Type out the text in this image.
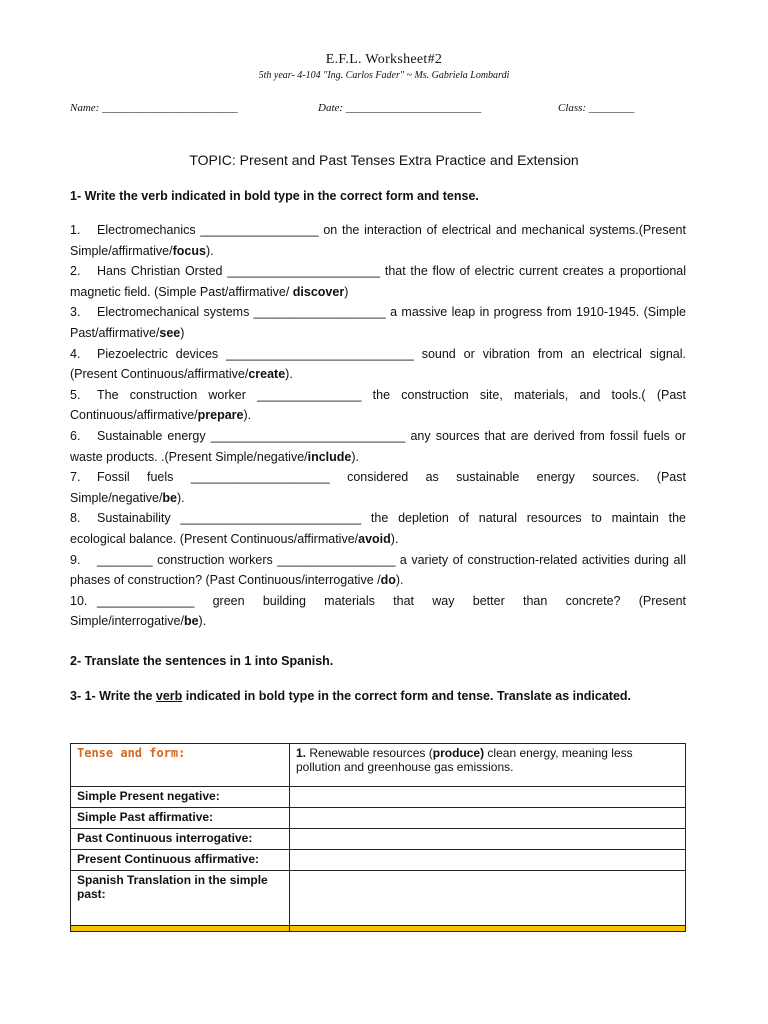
E.F.L. Worksheet#2
5th year- 4-104 "Ing. Carlos Fader" ~ Ms. Gabriela Lombardi
Name: ___________________________	Date: ___________________________	Class: _________
TOPIC: Present and Past Tenses Extra Practice and Extension
1- Write the verb indicated in bold type in the correct form and tense.

1. Electromechanics _________________ on the interaction of electrical and mechanical systems.(Present Simple/affirmative/focus).

2. Hans Christian Orsted ______________________ that the flow of electric current creates a proportional magnetic field. (Simple Past/affirmative/ discover)

3. Electromechanical systems ___________________ a massive leap in progress from 1910-1945. (Simple Past/affirmative/see)

4. Piezoelectric devices ___________________________ sound or vibration from an electrical signal. (Present Continuous/affirmative/create).

5. The construction worker _______________ the construction site, materials, and tools.( (Past Continuous/affirmative/prepare).

6. Sustainable energy ____________________________ any sources that are derived from fossil fuels or waste products. .(Present Simple/negative/include).

7. Fossil fuels ____________________ considered as sustainable energy sources. (Past Simple/negative/be).

8. Sustainability __________________________ the depletion of natural resources to maintain the ecological balance. (Present Continuous/affirmative/avoid).

9. ________ construction workers _________________ a variety of construction-related activities during all phases of construction? (Past Continuous/interrogative /do).

10. ______________ green building materials that way better than concrete? (Present Simple/interrogative/be).

2- Translate the sentences in 1 into Spanish.
3- 1- Write the verb indicated in bold type in the correct form and tense. Translate as indicated.
Tense and form:	1. Renewable resources (produce) clean energy, meaning less pollution and greenhouse gas emissions.
Simple Present negative:	
Simple Past affirmative:	
Past Continuous interrogative:	
Present Continuous affirmative:	
Spanish Translation in the simple past:	
